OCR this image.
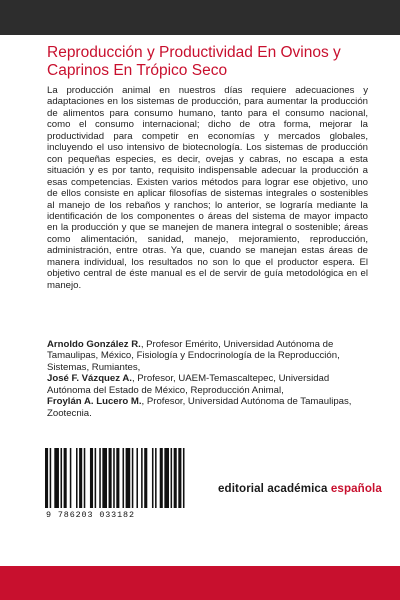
Reproducción y Productividad En Ovinos y Caprinos En Trópico Seco

La producción animal en nuestros días requiere adecuaciones y adaptaciones en los sistemas de producción, para aumentar la producción de alimentos para consumo humano, tanto para el consumo nacional, como el consumo internacional; dicho de otra forma, mejorar la productividad para competir en economías y mercados globales, incluyendo el uso intensivo de biotecnología. Los sistemas de producción con pequeñas especies, es decir, ovejas y cabras, no escapa a esta situación y es por tanto, requisito indispensable adecuar la producción a esas competencias. Existen varios métodos para lograr ese objetivo, uno de ellos consiste en aplicar filosofías de sistemas integrales o sostenibles al manejo de los rebaños y ranchos; lo anterior, se lograría mediante la identificación de los componentes o áreas del sistema de mayor impacto en la producción y que se manejen de manera integral o sostenible; áreas como alimentación, sanidad, manejo, mejoramiento, reproducción, administración, entre otras. Ya que, cuando se manejan estas áreas de manera individual, los resultados no son lo que el productor espera. El objetivo central de éste manual es el de servir de guía metodológica en el manejo.

Arnoldo González R., Profesor Emérito, Universidad Autónoma de Tamaulipas, México, Fisiología y Endocrinología de la Reproducción, Sistemas, Rumiantes,

José F. Vázquez A., Profesor, UAEM-Temascaltepec, Universidad Autónoma del Estado de México, Reproducción Animal,

Froylán A. Lucero M., Profesor, Universidad Autónoma de Tamaulipas, Zootecnia.

9 786203 033182
editorial académica española
